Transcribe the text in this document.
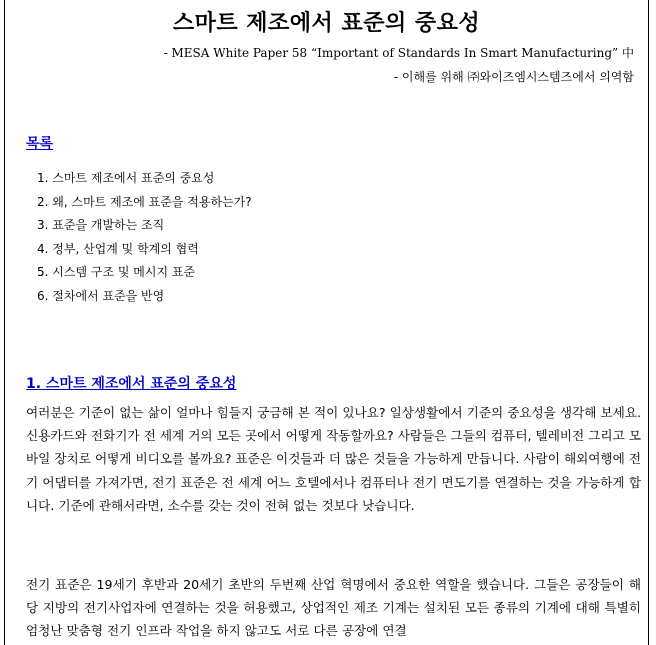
스마트 제조에서 표준의 중요성
- MESA White Paper 58 “Important of Standards In Smart Manufacturing” 中
- 이해를 위해 ㈜와이즈엠시스템즈에서 의역함
목록
1. 스마트 제조에서 표준의 중요성
2. 왜, 스마트 제조에 표준을 적용하는가?
3. 표준을 개발하는 조직
4. 정부, 산업계 및 학계의 협력
5. 시스템 구조 및 메시지 표준
6. 절차에서 표준을 반영
1. 스마트 제조에서 표준의 중요성

여러분은 기준이 없는 삶이 얼마나 힘들지 궁금해 본 적이 있나요? 일상생활에서 기준의 중요성을 생각해 보세요. 신용카드와 전화기가 전 세계 거의 모든 곳에서 어떻게 작동할까요? 사람들은 그들의 컴퓨터, 텔레비전 그리고 모바일 장치로 어떻게 비디오를 볼까요? 표준은 이것들과 더 많은 것들을 가능하게 만듭니다. 사람이 해외여행에 전기 어댑터를 가져가면, 전기 표준은 전 세계 어느 호텔에서나 컴퓨터나 전기 면도기를 연결하는 것을 가능하게 합니다. 기준에 관해서라면, 소수를 갖는 것이 전혀 없는 것보다 낫습니다.

전기 표준은 19세기 후반과 20세기 초반의 두번째 산업 혁명에서 중요한 역할을 했습니다. 그들은 공장들이 해당 지방의 전기사업자에 연결하는 것을 허용했고, 상업적인 제조 기계는 설치된 모든 종류의 기계에 대해 특별히 엄청난 맞춤형 전기 인프라 작업을 하지 않고도 서로 다른 공장에 연결
